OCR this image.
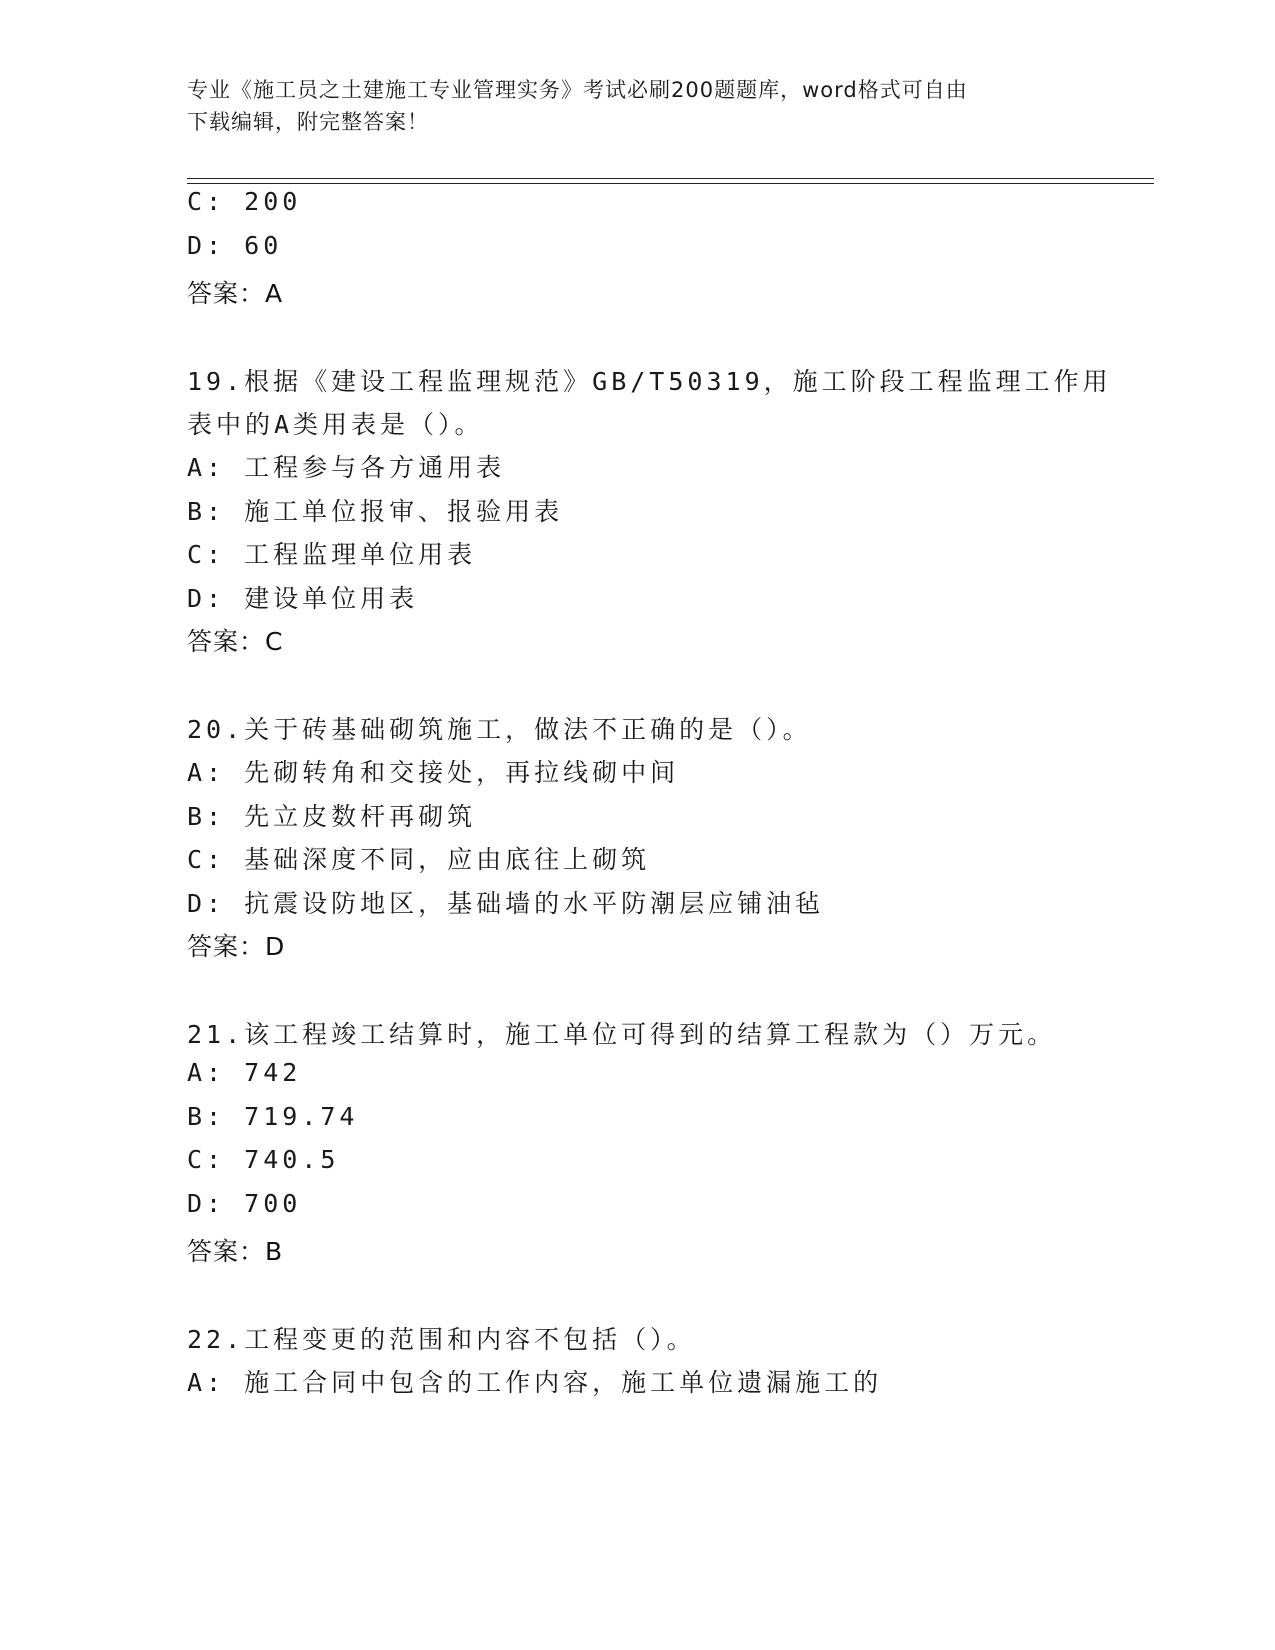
专业《施工员之土建施工专业管理实务》考试必刷200题题库，word格式可自由
下载编辑，附完整答案！
C: 200
D: 60
答案：A
19.根据《建设工程监理规范》GB/T50319，施工阶段工程监理工作用
表中的A类用表是（）。
A: 工程参与各方通用表
B: 施工单位报审、报验用表
C: 工程监理单位用表
D: 建设单位用表
答案：C
20.关于砖基础砌筑施工，做法不正确的是（）。
A: 先砌转角和交接处，再拉线砌中间
B: 先立皮数杆再砌筑
C: 基础深度不同，应由底往上砌筑
D: 抗震设防地区，基础墙的水平防潮层应铺油毡
答案：D
21.该工程竣工结算时，施工单位可得到的结算工程款为（）万元。
A: 742
B: 719.74
C: 740.5
D: 700
答案：B
22.工程变更的范围和内容不包括（）。
A: 施工合同中包含的工作内容，施工单位遗漏施工的
